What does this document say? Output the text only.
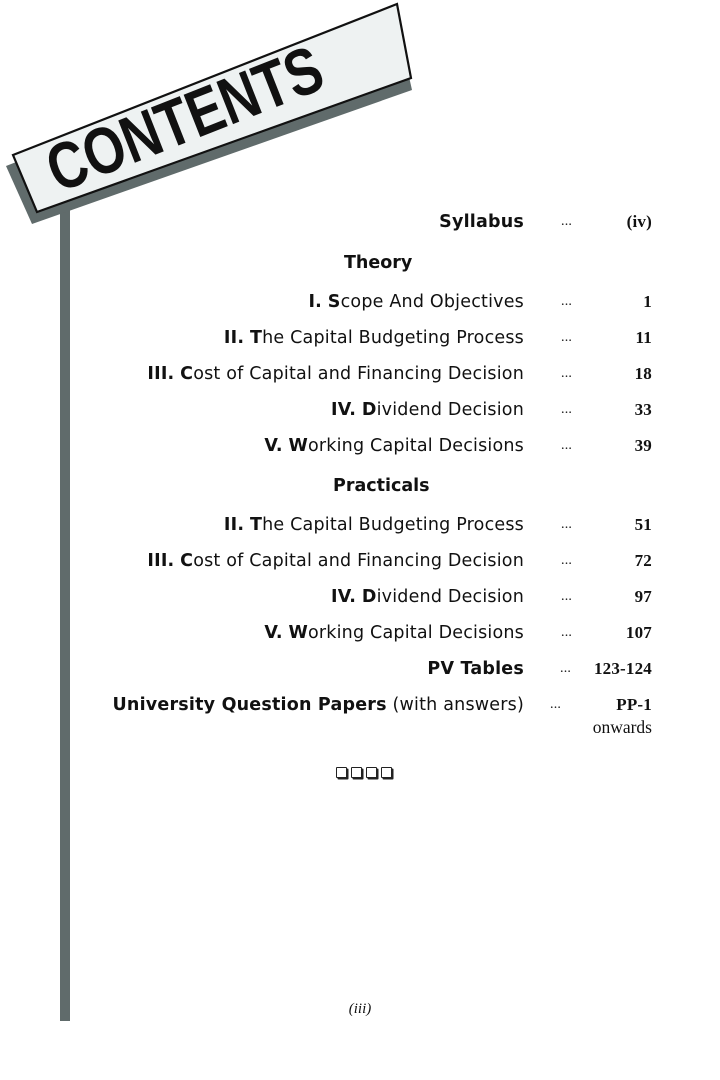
CONTENTS
Syllabus	...	(iv)
Theory
I. Scope And Objectives	...	1
II. The Capital Budgeting Process	...	11
III. Cost of Capital and Financing Decision	...	18
IV. Dividend Decision	...	33
V. Working Capital Decisions	...	39
Practicals
II. The Capital Budgeting Process	...	51
III. Cost of Capital and Financing Decision	...	72
IV. Dividend Decision	...	97
V. Working Capital Decisions	...	107
PV Tables	...	123-124
University Question Papers (with answers) ...	PP-1
onwards
(iii)
